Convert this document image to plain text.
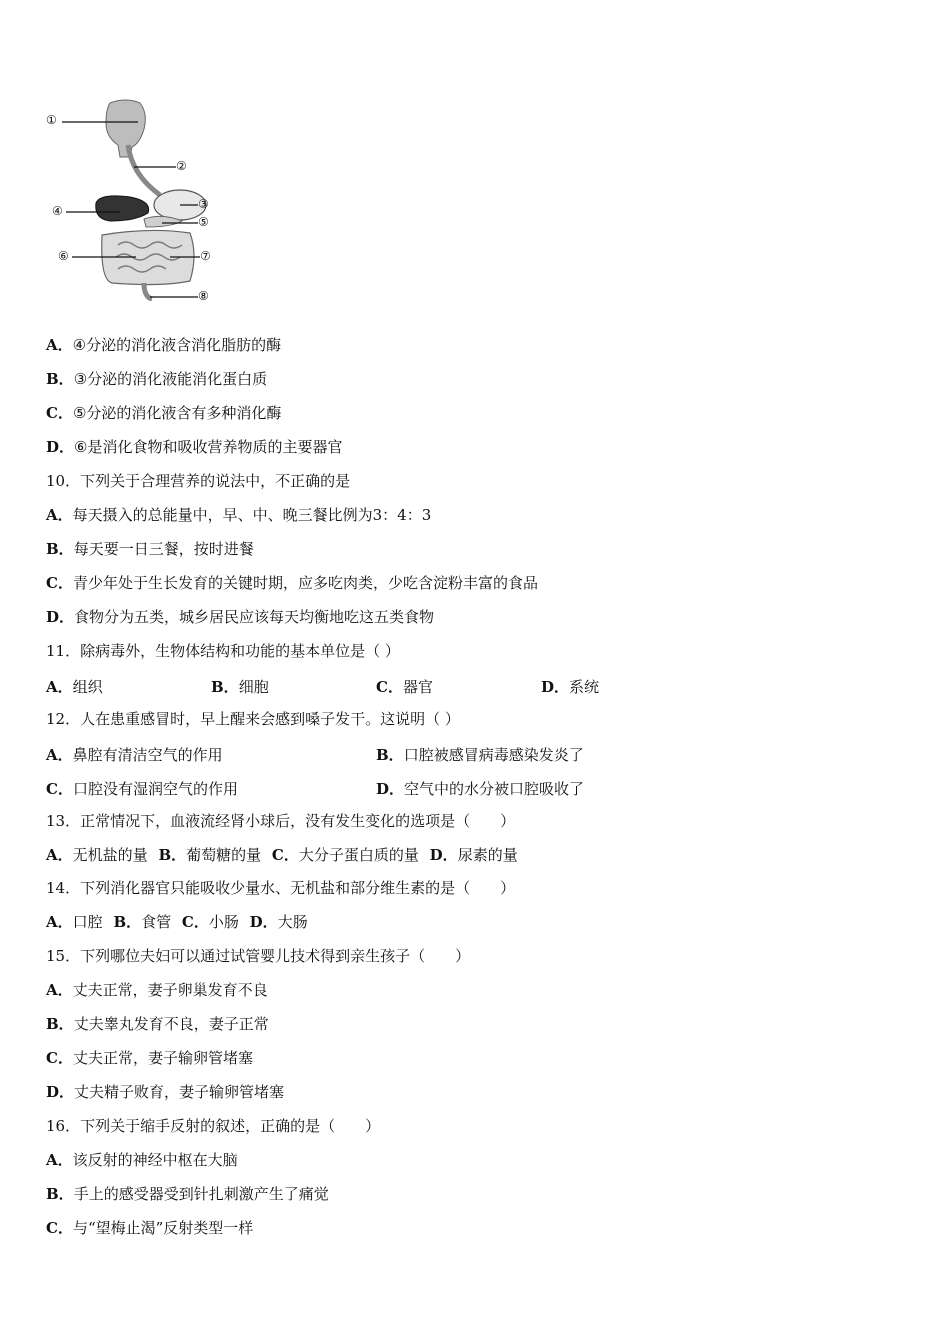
①
②
③
④
⑤
⑥	⑦
⑧
A．④分泌的消化液含消化脂肪的酶
B．③分泌的消化液能消化蛋白质
C．⑤分泌的消化液含有多种消化酶
D．⑥是消化食物和吸收营养物质的主要器官
10．下列关于合理营养的说法中，不正确的是
A．每天摄入的总能量中，早、中、晚三餐比例为3：4：3
B．每天要一日三餐，按时进餐
C．青少年处于生长发育的关键时期，应多吃肉类，少吃含淀粉丰富的食品
D．食物分为五类，城乡居民应该每天均衡地吃这五类食物
11．除病毒外，生物体结构和功能的基本单位是（ ）
A．组织	B．细胞	C．器官	D．系统
12．人在患重感冒时，早上醒来会感到嗓子发干。这说明（ ）
A．鼻腔有清洁空气的作用	B．口腔被感冒病毒感染发炎了
C．口腔没有湿润空气的作用	D．空气中的水分被口腔吸收了
13．正常情况下，血液流经肾小球后，没有发生变化的选项是（　　）
A．无机盐的量 B．葡萄糖的量 C．大分子蛋白质的量 D．尿素的量
14．下列消化器官只能吸收少量水、无机盐和部分维生素的是（　　）
A．口腔 B．食管 C．小肠 D．大肠
15．下列哪位夫妇可以通过试管婴儿技术得到亲生孩子（　　）
A．丈夫正常，妻子卵巢发育不良
B．丈夫睾丸发育不良，妻子正常
C．丈夫正常，妻子输卵管堵塞
D．丈夫精子败育，妻子输卵管堵塞
16．下列关于缩手反射的叙述，正确的是（　　）
A．该反射的神经中枢在大脑
B．手上的感受器受到针扎刺激产生了痛觉
C．与“望梅止渴”反射类型一样
